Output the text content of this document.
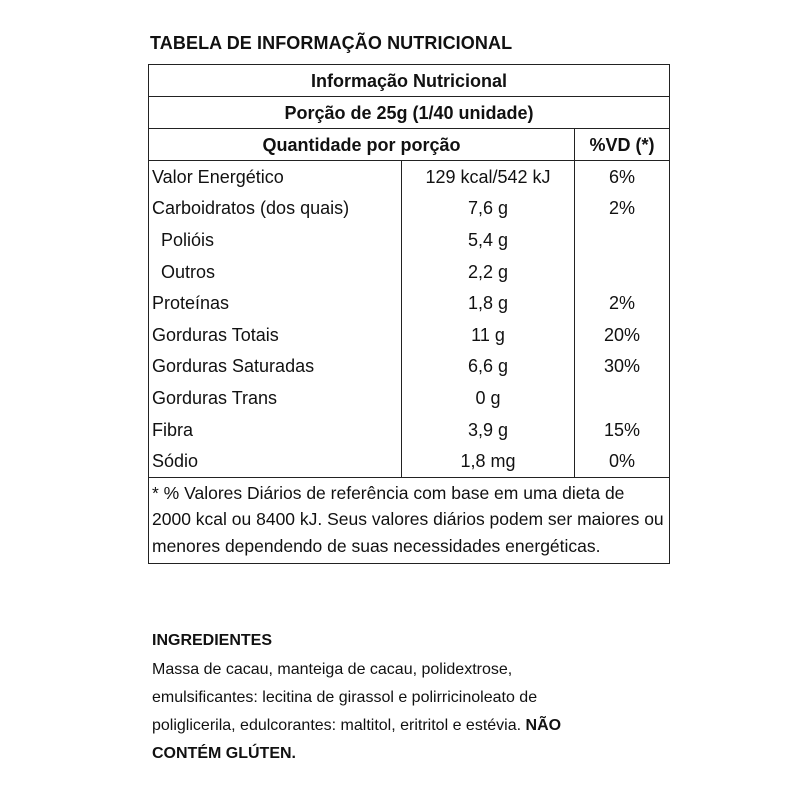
TABELA DE INFORMAÇÃO NUTRICIONAL
Informação Nutricional		
Porção de 25g (1/40 unidade)		
Quantidade por porção		%VD (*)
Valor Energético	129 kcal/542 kJ	6%
Carboidratos (dos quais)	7,6 g	2%
Polióis	5,4 g	
Outros	2,2 g	
Proteínas	1,8 g	2%
Gorduras Totais	11 g	20%
Gorduras Saturadas	6,6 g	30%
Gorduras Trans	0 g	
Fibra	3,9 g	15%
Sódio	1,8 mg	0%
* % Valores Diários de referência com base em uma dieta de 2000 kcal ou 8400 kJ. Seus valores diários podem ser maiores ou menores dependendo de suas necessidades energéticas.		
INGREDIENTES
Massa de cacau, manteiga de cacau, polidextrose, emulsificantes: lecitina de girassol e polirricinoleato de poliglicerila, edulcorantes: maltitol, eritritol e estévia. NÃO CONTÉM GLÚTEN.
